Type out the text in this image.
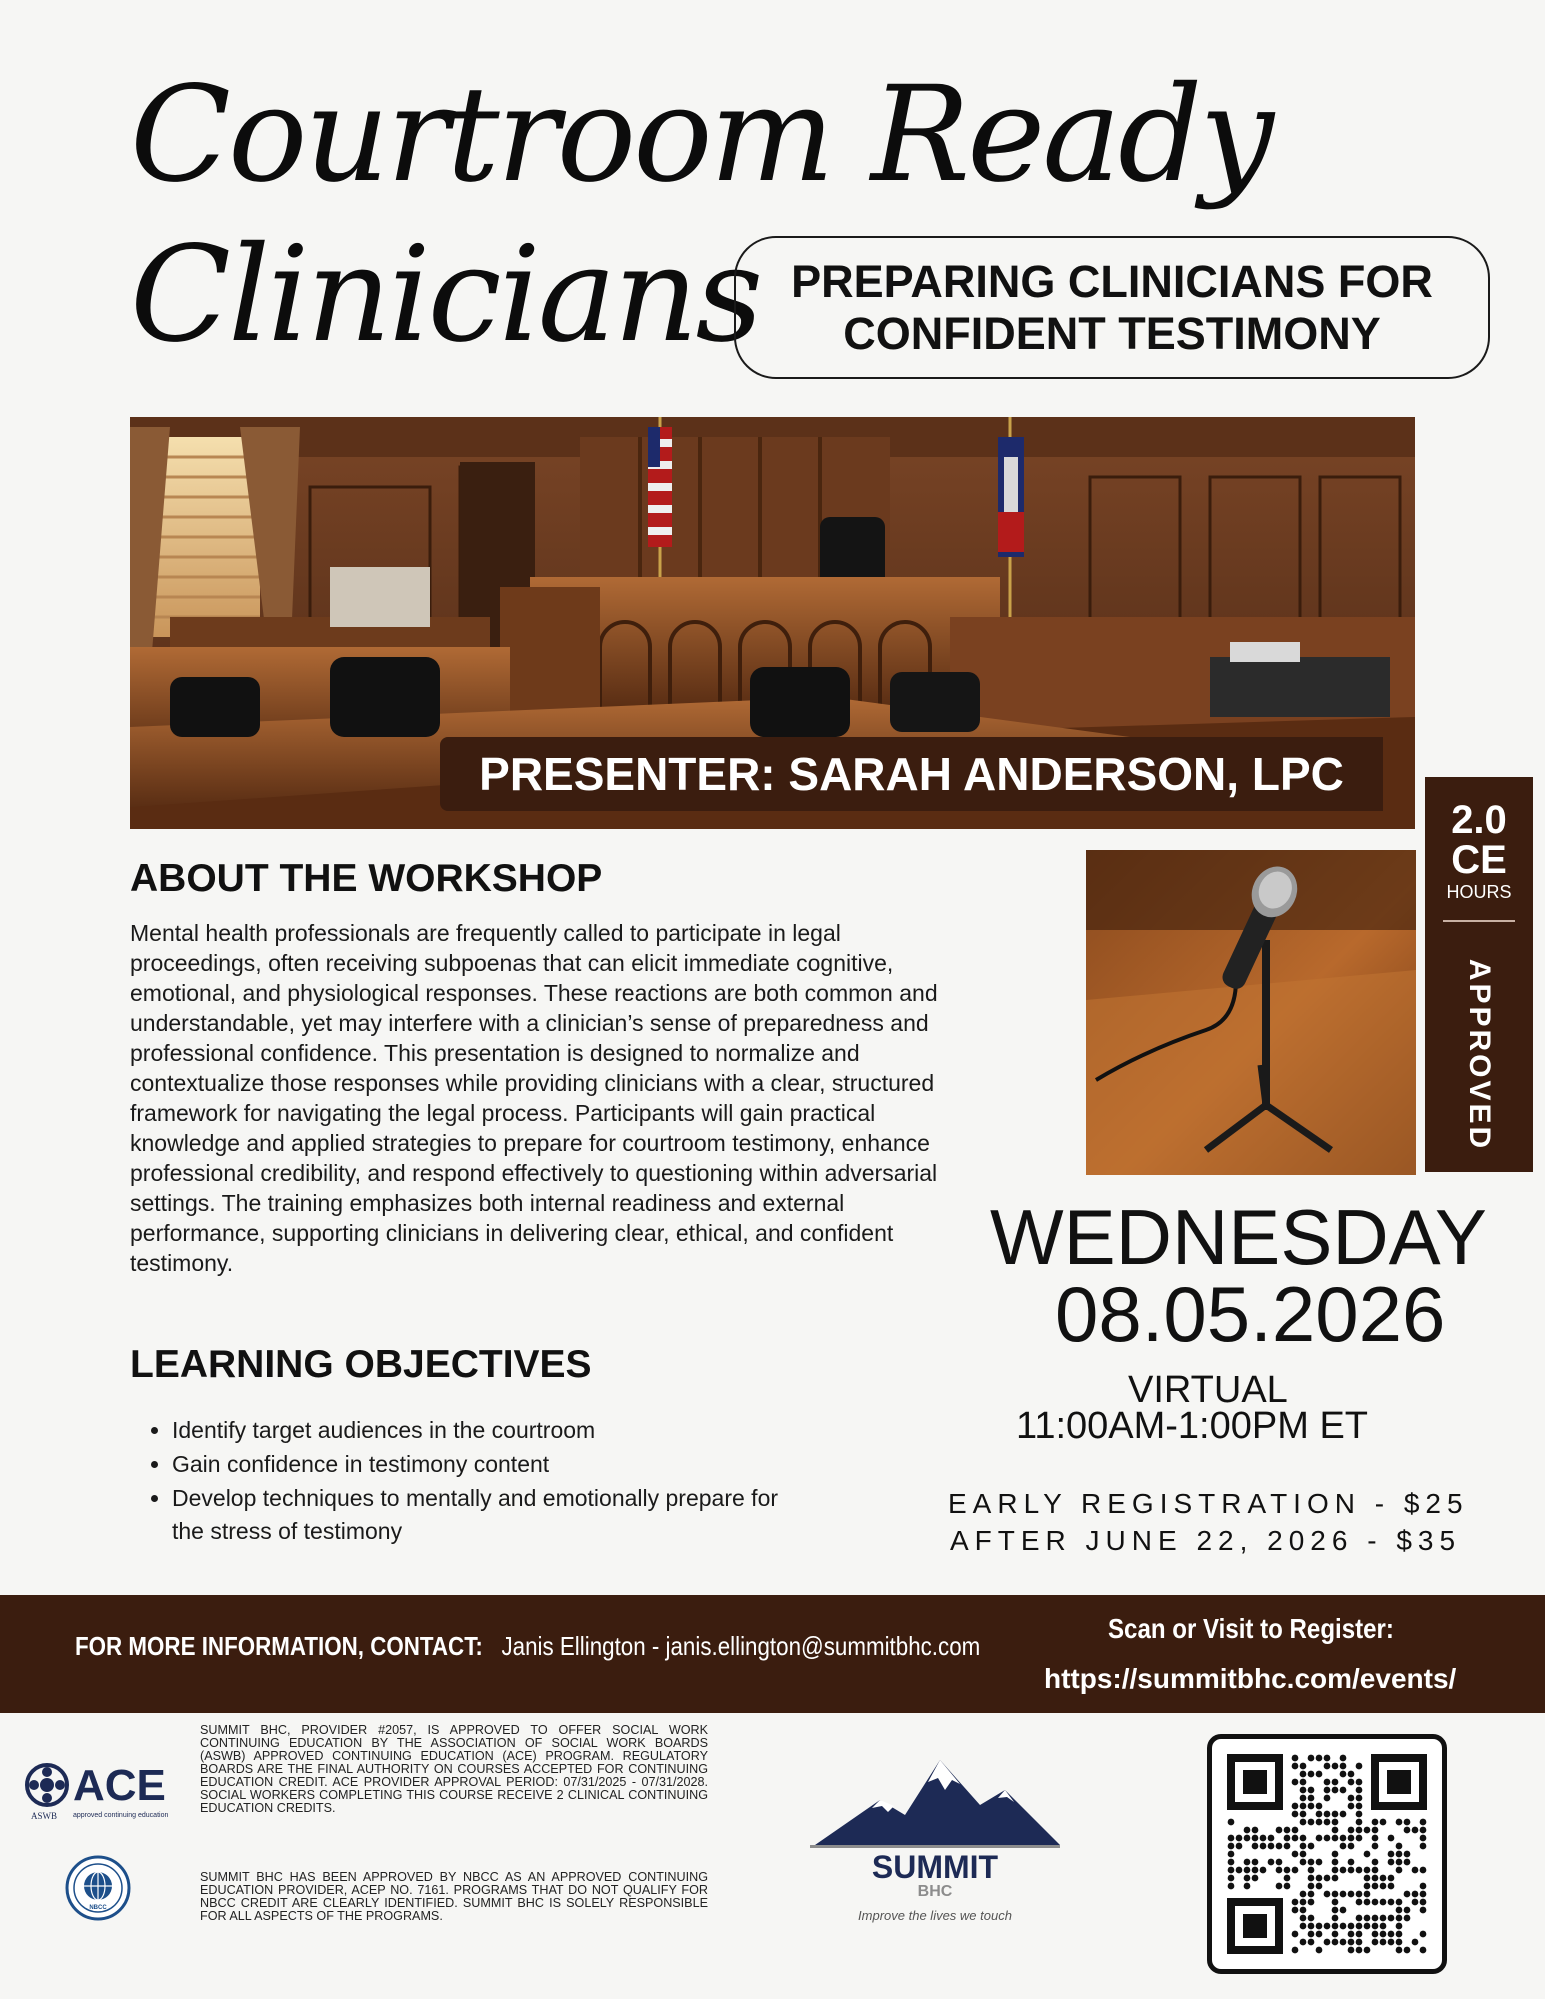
Courtroom Ready
Clinicians PREPARING CLINICIANS FOR
CONFIDENT TESTIMONY
PRESENTER: SARAH ANDERSON, LPC
2.0
CE
HOURS
APPROVED
ABOUT THE WORKSHOP
Mental health professionals are frequently called to participate in legal proceedings, often receiving subpoenas that can elicit immediate cognitive, emotional, and physiological responses. These reactions are both common and understandable, yet may interfere with a clinician’s sense of preparedness and professional confidence. This presentation is designed to normalize and contextualize those responses while providing clinicians with a clear, structured framework for navigating the legal process. Participants will gain practical knowledge and applied strategies to prepare for courtroom testimony, enhance professional credibility, and respond effectively to questioning within adversarial settings. The training emphasizes both internal readiness and external performance, supporting clinicians in delivering clear, ethical, and confident testimony.
LEARNING OBJECTIVES
• Identify target audiences in the courtroom
• Gain confidence in testimony content
• Develop techniques to mentally and emotionally prepare for the stress of testimony
WEDNESDAY
08.05.2026
VIRTUAL
11:00AM-1:00PM ET
EARLY REGISTRATION - $25
AFTER JUNE 22, 2026 - $35
FOR MORE INFORMATION, CONTACT: Janis Ellington - janis.ellington@summitbhc.com
Scan or Visit to Register:
https://summitbhc.com/events/
ACE
ASWB approved continuing education
NBCC
SUMMIT BHC, PROVIDER #2057, IS APPROVED TO OFFER SOCIAL WORK CONTINUING EDUCATION BY THE ASSOCIATION OF SOCIAL WORK BOARDS (ASWB) APPROVED CONTINUING EDUCATION (ACE) PROGRAM. REGULATORY BOARDS ARE THE FINAL AUTHORITY ON COURSES ACCEPTED FOR CONTINUING EDUCATION CREDIT. ACE PROVIDER APPROVAL PERIOD: 07/31/2025 - 07/31/2028. SOCIAL WORKERS COMPLETING THIS COURSE RECEIVE 2 CLINICAL CONTINUING EDUCATION CREDITS.
SUMMIT BHC HAS BEEN APPROVED BY NBCC AS AN APPROVED CONTINUING EDUCATION PROVIDER, ACEP NO. 7161. PROGRAMS THAT DO NOT QUALIFY FOR NBCC CREDIT ARE CLEARLY IDENTIFIED. SUMMIT BHC IS SOLELY RESPONSIBLE FOR ALL ASPECTS OF THE PROGRAMS.
SUMMIT
BHC
Improve the lives we touch
